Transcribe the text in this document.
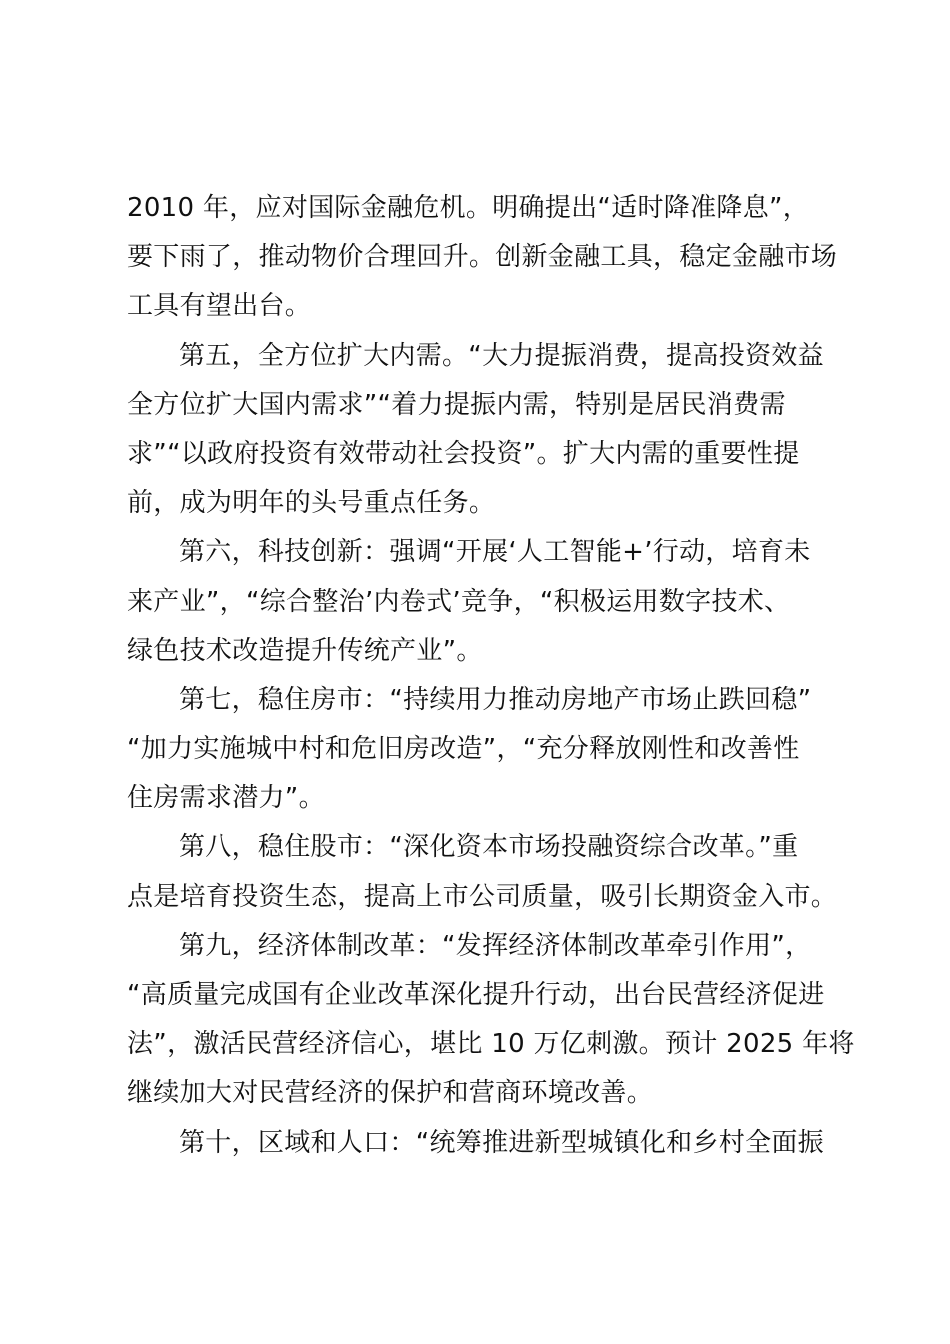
2010 年，应对国际金融危机。明确提出“适时降准降息”，
要下雨了，推动物价合理回升。创新金融工具，稳定金融市场
工具有望出台。
第五，全方位扩大内需。“大力提振消费，提高投资效益
全方位扩大国内需求”“着力提振内需，特别是居民消费需
求”“以政府投资有效带动社会投资”。扩大内需的重要性提
前，成为明年的头号重点任务。
第六，科技创新：强调“开展‘人工智能+’行动，培育未
来产业”，“综合整治’内卷式’竞争，“积极运用数字技术、
绿色技术改造提升传统产业”。
第七，稳住房市：“持续用力推动房地产市场止跌回稳”
“加力实施城中村和危旧房改造”，“充分释放刚性和改善性
住房需求潜力”。
第八，稳住股市：“深化资本市场投融资综合改革。”重
点是培育投资生态，提高上市公司质量，吸引长期资金入市。
第九，经济体制改革：“发挥经济体制改革牵引作用”，
“高质量完成国有企业改革深化提升行动，出台民营经济促进
法”，激活民营经济信心，堪比 10 万亿刺激。预计 2025 年将
继续加大对民营经济的保护和营商环境改善。
第十，区域和人口：“统筹推进新型城镇化和乡村全面振
